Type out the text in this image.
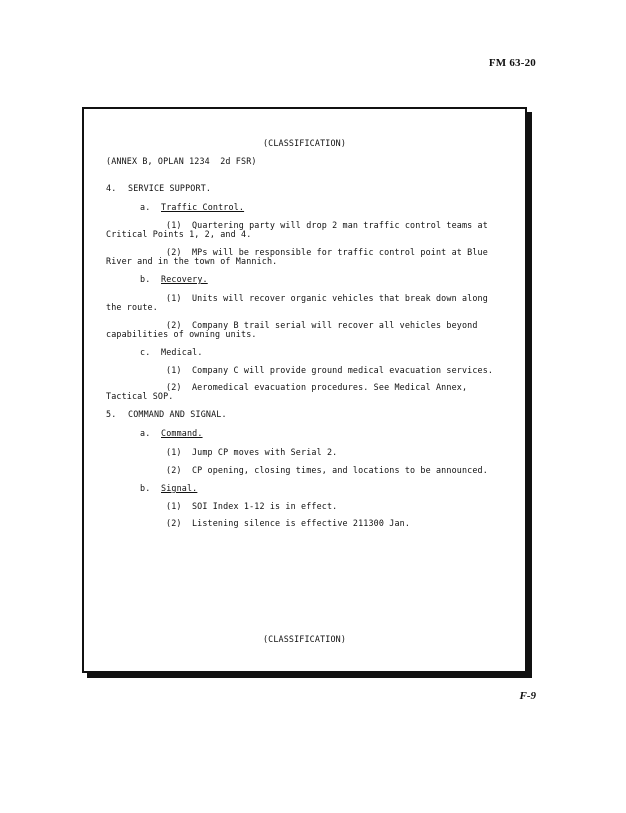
FM 63-20
(CLASSIFICATION)
(ANNEX B, OPLAN 1234  2d FSR)
4. SERVICE SUPPORT.
a. Traffic Control.
(1)  Quartering party will drop 2 man traffic control teams at
Critical Points 1, 2, and 4.
(2)  MPs will be responsible for traffic control point at Blue
River and in the town of Mannich.
b. Recovery.
(1)  Units will recover organic vehicles that break down along
the route.
(2)  Company B trail serial will recover all vehicles beyond
capabilities of owning units.
c. Medical.
(1)  Company C will provide ground medical evacuation services.
(2)  Aeromedical evacuation procedures. See Medical Annex,
Tactical SOP.
5. COMMAND AND SIGNAL.
a. Command.
(1)  Jump CP moves with Serial 2.
(2)  CP opening, closing times, and locations to be announced.
b. Signal.
(1)  SOI Index 1-12 is in effect.
(2)  Listening silence is effective 211300 Jan.
(CLASSIFICATION)
F-9
